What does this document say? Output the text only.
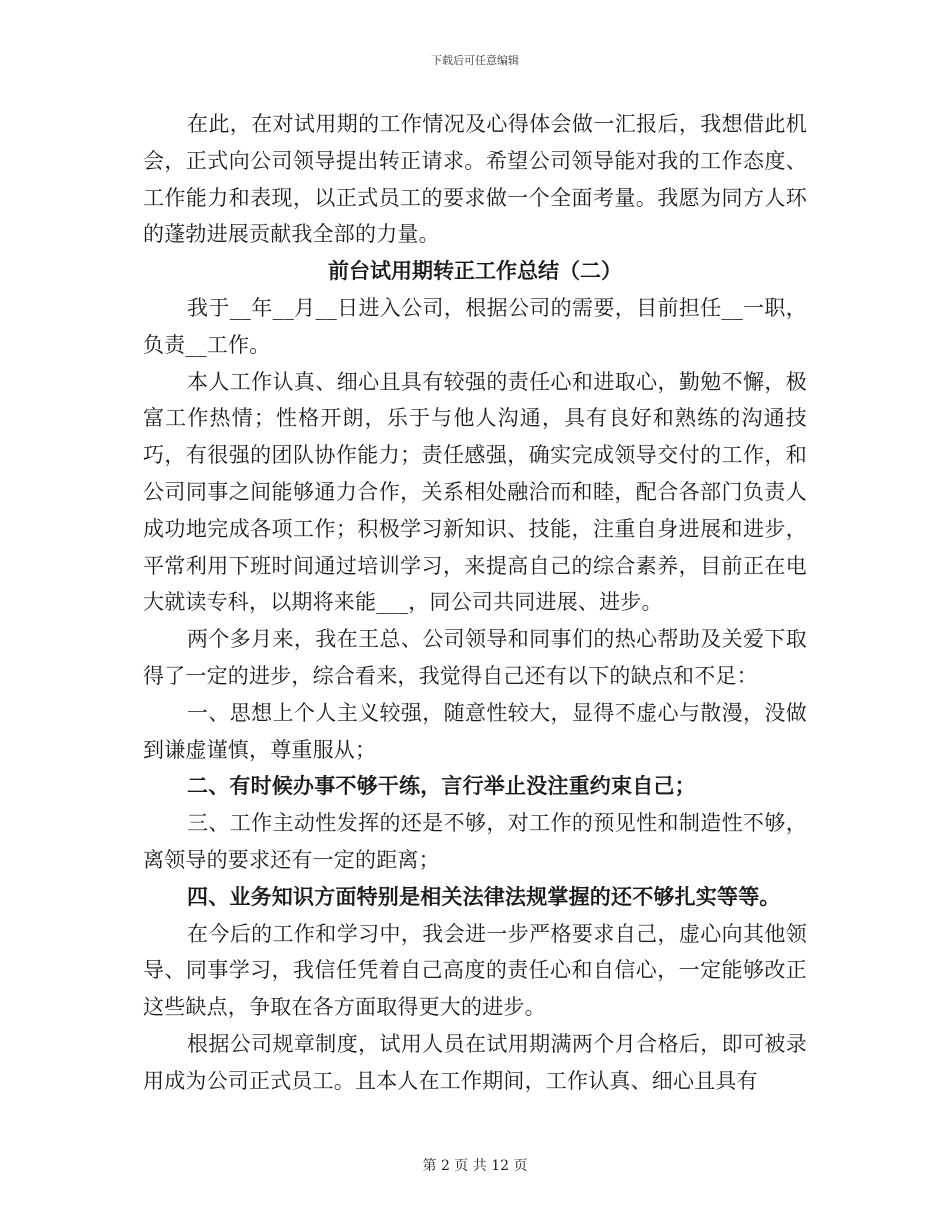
下载后可任意编辑

在此，在对试用期的工作情况及心得体会做一汇报后，我想借此机会，正式向公司领导提出转正请求。希望公司领导能对我的工作态度、工作能力和表现，以正式员工的要求做一个全面考量。我愿为同方人环的蓬勃进展贡献我全部的力量。

前台试用期转正工作总结（二）

我于__年__月__日进入公司，根据公司的需要，目前担任__一职，负责__工作。

本人工作认真、细心且具有较强的责任心和进取心，勤勉不懈，极富工作热情；性格开朗，乐于与他人沟通，具有良好和熟练的沟通技巧，有很强的团队协作能力；责任感强，确实完成领导交付的工作，和公司同事之间能够通力合作，关系相处融洽而和睦，配合各部门负责人成功地完成各项工作；积极学习新知识、技能，注重自身进展和进步，平常利用下班时间通过培训学习，来提高自己的综合素养，目前正在电大就读专科，以期将来能___，同公司共同进展、进步。

两个多月来，我在王总、公司领导和同事们的热心帮助及关爱下取得了一定的进步，综合看来，我觉得自己还有以下的缺点和不足：

一、思想上个人主义较强，随意性较大，显得不虚心与散漫，没做到谦虚谨慎，尊重服从；

二、有时候办事不够干练，言行举止没注重约束自己；

三、工作主动性发挥的还是不够，对工作的预见性和制造性不够，离领导的要求还有一定的距离；

四、业务知识方面特别是相关法律法规掌握的还不够扎实等等。

在今后的工作和学习中，我会进一步严格要求自己，虚心向其他领导、同事学习，我信任凭着自己高度的责任心和自信心，一定能够改正这些缺点，争取在各方面取得更大的进步。

根据公司规章制度，试用人员在试用期满两个月合格后，即可被录用成为公司正式员工。且本人在工作期间，工作认真、细心且具有

第 2 页 共 12 页
